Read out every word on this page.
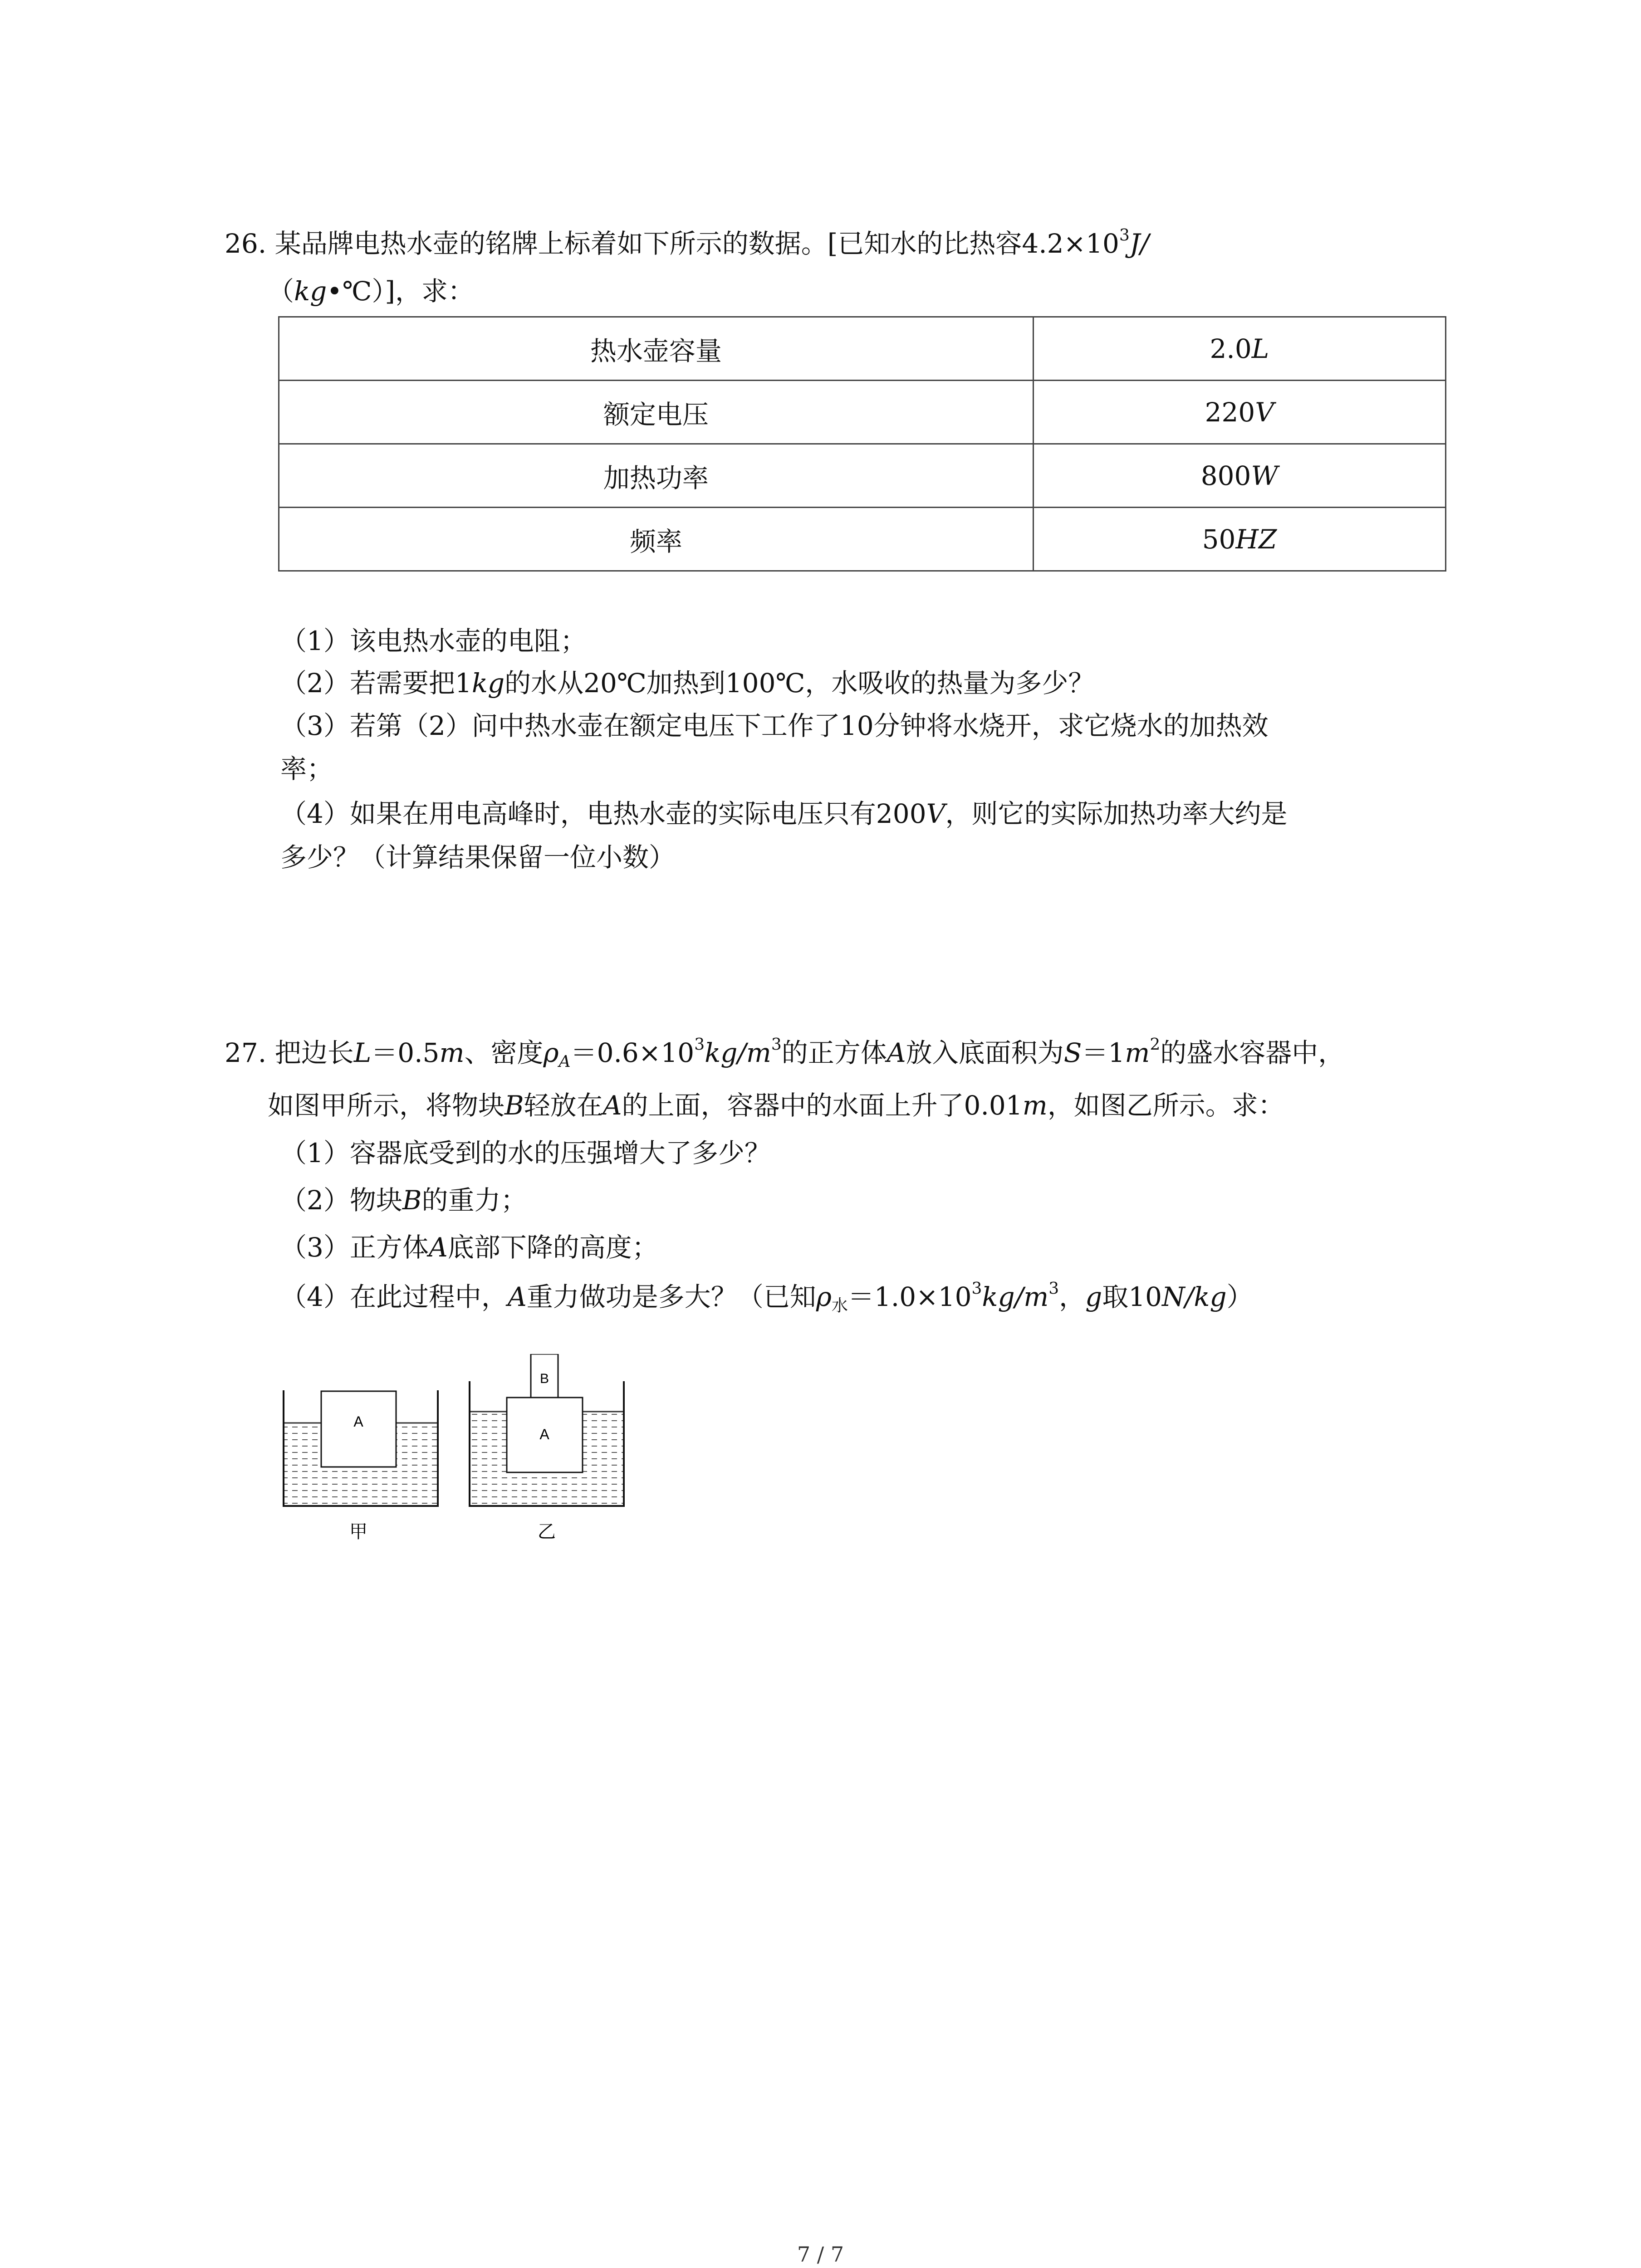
26. 某品牌电热水壶的铭牌上标着如下所示的数据。[已知水的比热容$4.2\times 10^3J/$
（kg•℃）]，求：
热水壶容量	2.0L
额定电压	220V
加热功率	800W
频率	50HZ
（1）该电热水壶的电阻；
（2）若需要把1kg的水从20℃加热到100℃，水吸收的热量为多少？
（3）若第（2）问中热水壶在额定电压下工作了10分钟将水烧开，求它烧水的加热效
率；
（4）如果在用电高峰时，电热水壶的实际电压只有200V，则它的实际加热功率大约是
多少？（计算结果保留一位小数）
27. 把边长L＝0.5m、密度$\rho_A=0.6\times 10^3kg/m^3$的正方体A放入底面积为$S=1m^2$的盛水容器中，
如图甲所示，将物块B轻放在A的上面，容器中的水面上升了0.01m，如图乙所示。求：
（1）容器底受到的水的压强增大了多少？
（2）物块B的重力；
（3）正方体A底部下降的高度；
（4）在此过程中，A重力做功是多大？（已知$\rho_水=1.0\times 10^3kg/m^3$，g取10N/kg）
A
甲
B
A
乙
7 / 7
